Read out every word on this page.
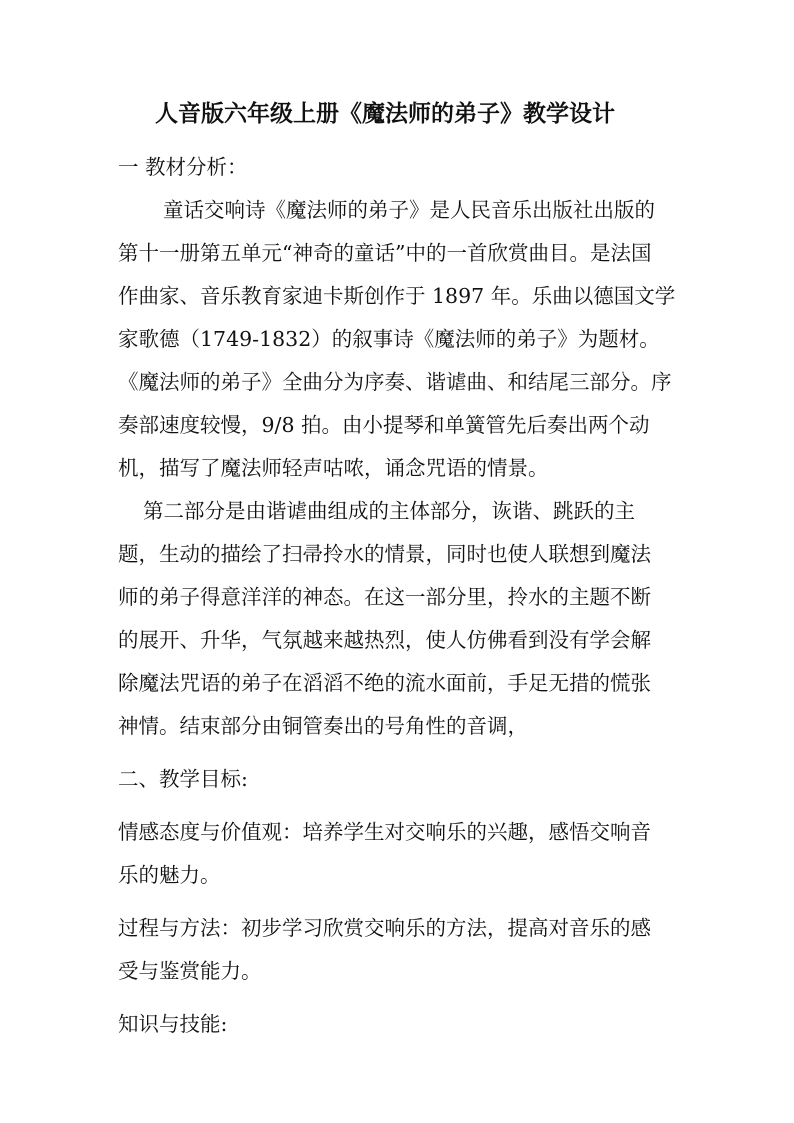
人音版六年级上册《魔法师的弟子》教学设计
一 教材分析：
童话交响诗《魔法师的弟子》是人民音乐出版社出版的
第十一册第五单元“神奇的童话”中的一首欣赏曲目。是法国
作曲家、音乐教育家迪卡斯创作于 1897 年。乐曲以德国文学
家歌德（1749-1832）的叙事诗《魔法师的弟子》为题材。
《魔法师的弟子》全曲分为序奏、谐谑曲、和结尾三部分。序
奏部速度较慢，9/8 拍。由小提琴和单簧管先后奏出两个动
机，描写了魔法师轻声咕哝，诵念咒语的情景。
第二部分是由谐谑曲组成的主体部分，诙谐、跳跃的主
题，生动的描绘了扫帚拎水的情景，同时也使人联想到魔法
师的弟子得意洋洋的神态。在这一部分里，拎水的主题不断
的展开、升华，气氛越来越热烈，使人仿佛看到没有学会解
除魔法咒语的弟子在滔滔不绝的流水面前，手足无措的慌张
神情。结束部分由铜管奏出的号角性的音调，
二、教学目标:
情感态度与价值观：培养学生对交响乐的兴趣，感悟交响音
乐的魅力。
过程与方法：初步学习欣赏交响乐的方法，提高对音乐的感
受与鉴赏能力。
知识与技能:
